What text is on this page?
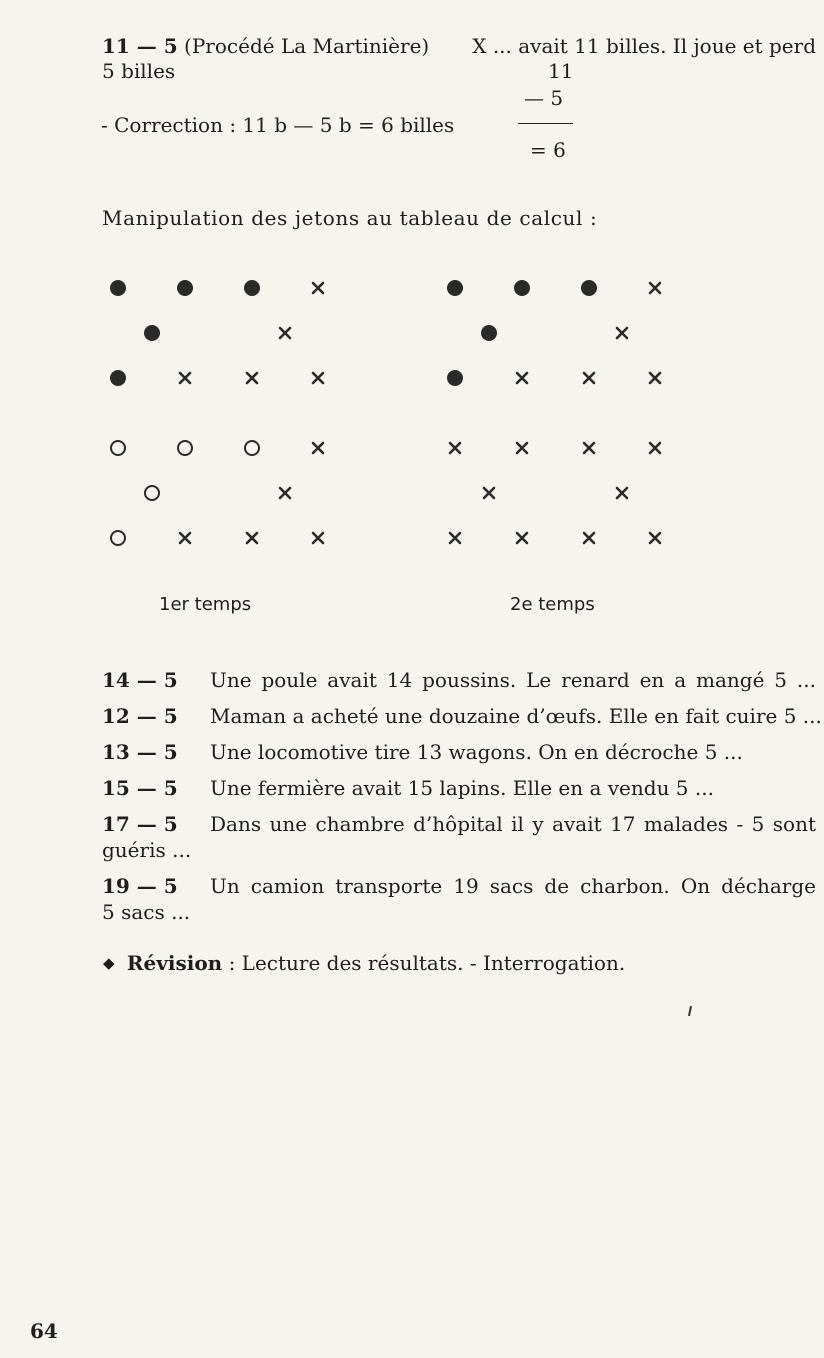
11 — 5 (Procédé La Martinière) X ... avait 11 billes. Il joue et perd
5 billes	11
— 5
- Correction : 11 b — 5 b = 6 billes
= 6
Manipulation des jetons au tableau de calcul :
1er temps	2e temps
14 — 5 Une poule avait 14 poussins. Le renard en a mangé 5 ...
12 — 5 Maman a acheté une douzaine d’œufs. Elle en fait cuire 5 ...
13 — 5 Une locomotive tire 13 wagons. On en décroche 5 ...
15 — 5 Une fermière avait 15 lapins. Elle en a vendu 5 ...
17 — 5 Dans une chambre d’hôpital il y avait 17 malades - 5 sont
guéris ...
19 — 5 Un camion transporte 19 sacs de charbon. On décharge
5 sacs ...
◆ Révision : Lecture des résultats. - Interrogation.
64
